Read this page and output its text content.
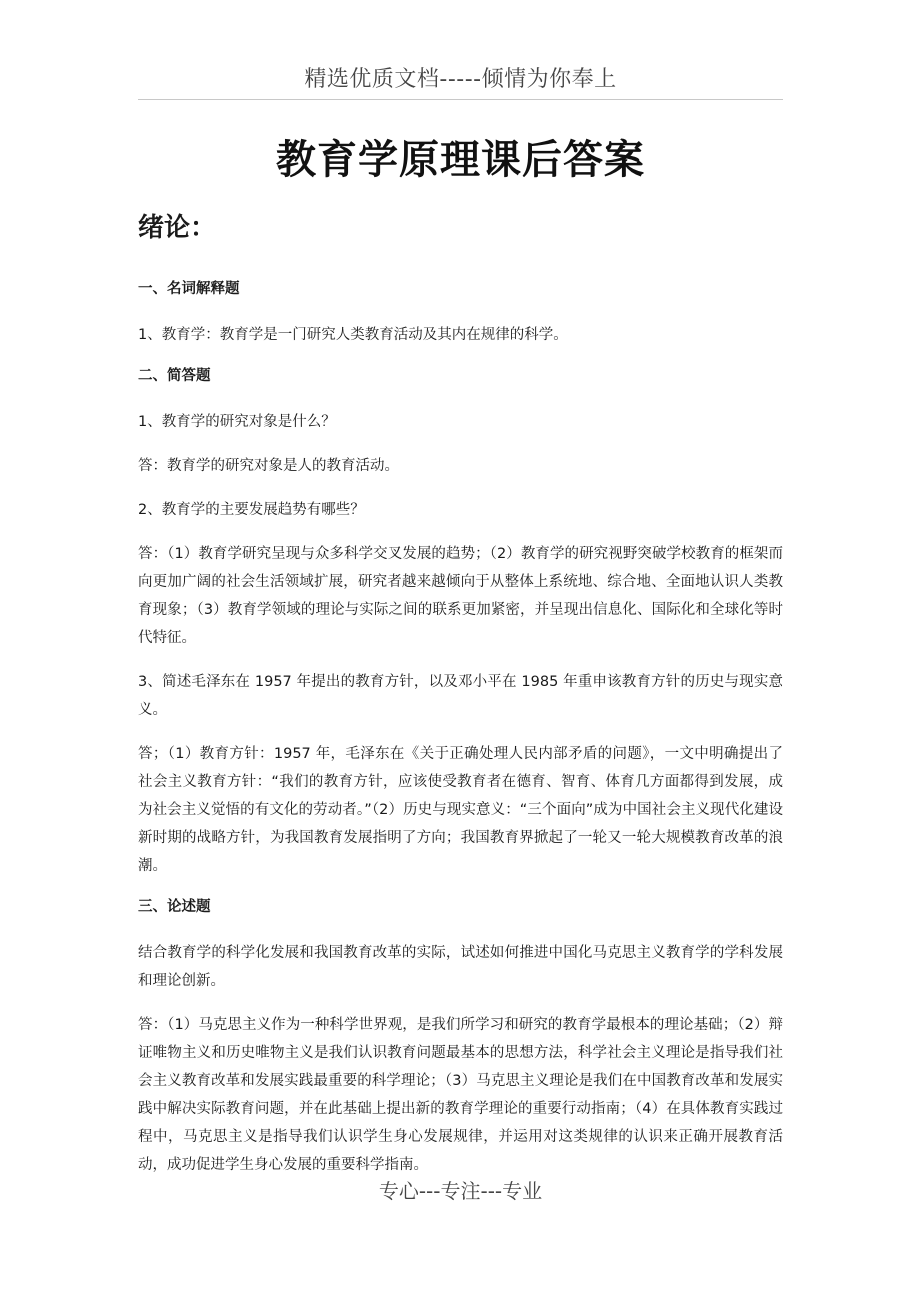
精选优质文档-----倾情为你奉上
教育学原理课后答案
绪论：
一、名词解释题
1、教育学：教育学是一门研究人类教育活动及其内在规律的科学。
二、简答题
1、教育学的研究对象是什么？
答：教育学的研究对象是人的教育活动。
2、教育学的主要发展趋势有哪些？
答：（1）教育学研究呈现与众多科学交叉发展的趋势；（2）教育学的研究视野突破学校教育的框架而向更加广阔的社会生活领域扩展，研究者越来越倾向于从整体上系统地、综合地、全面地认识人类教育现象；（3）教育学领域的理论与实际之间的联系更加紧密，并呈现出信息化、国际化和全球化等时代特征。
3、简述毛泽东在 1957 年提出的教育方针，以及邓小平在 1985 年重申该教育方针的历史与现实意义。
答；（1）教育方针：1957 年，毛泽东在《关于正确处理人民内部矛盾的问题》，一文中明确提出了社会主义教育方针：“我们的教育方针，应该使受教育者在德育、智育、体育几方面都得到发展，成为社会主义觉悟的有文化的劳动者。”（2）历史与现实意义：“三个面向”成为中国社会主义现代化建设新时期的战略方针，为我国教育发展指明了方向；我国教育界掀起了一轮又一轮大规模教育改革的浪潮。
三、论述题
结合教育学的科学化发展和我国教育改革的实际，试述如何推进中国化马克思主义教育学的学科发展和理论创新。
答：（1）马克思主义作为一种科学世界观，是我们所学习和研究的教育学最根本的理论基础；（2）辩证唯物主义和历史唯物主义是我们认识教育问题最基本的思想方法，科学社会主义理论是指导我们社会主义教育改革和发展实践最重要的科学理论；（3）马克思主义理论是我们在中国教育改革和发展实践中解决实际教育问题，并在此基础上提出新的教育学理论的重要行动指南；（4）在具体教育实践过程中，马克思主义是指导我们认识学生身心发展规律，并运用对这类规律的认识来正确开展教育活动，成功促进学生身心发展的重要科学指南。
专心---专注---专业
